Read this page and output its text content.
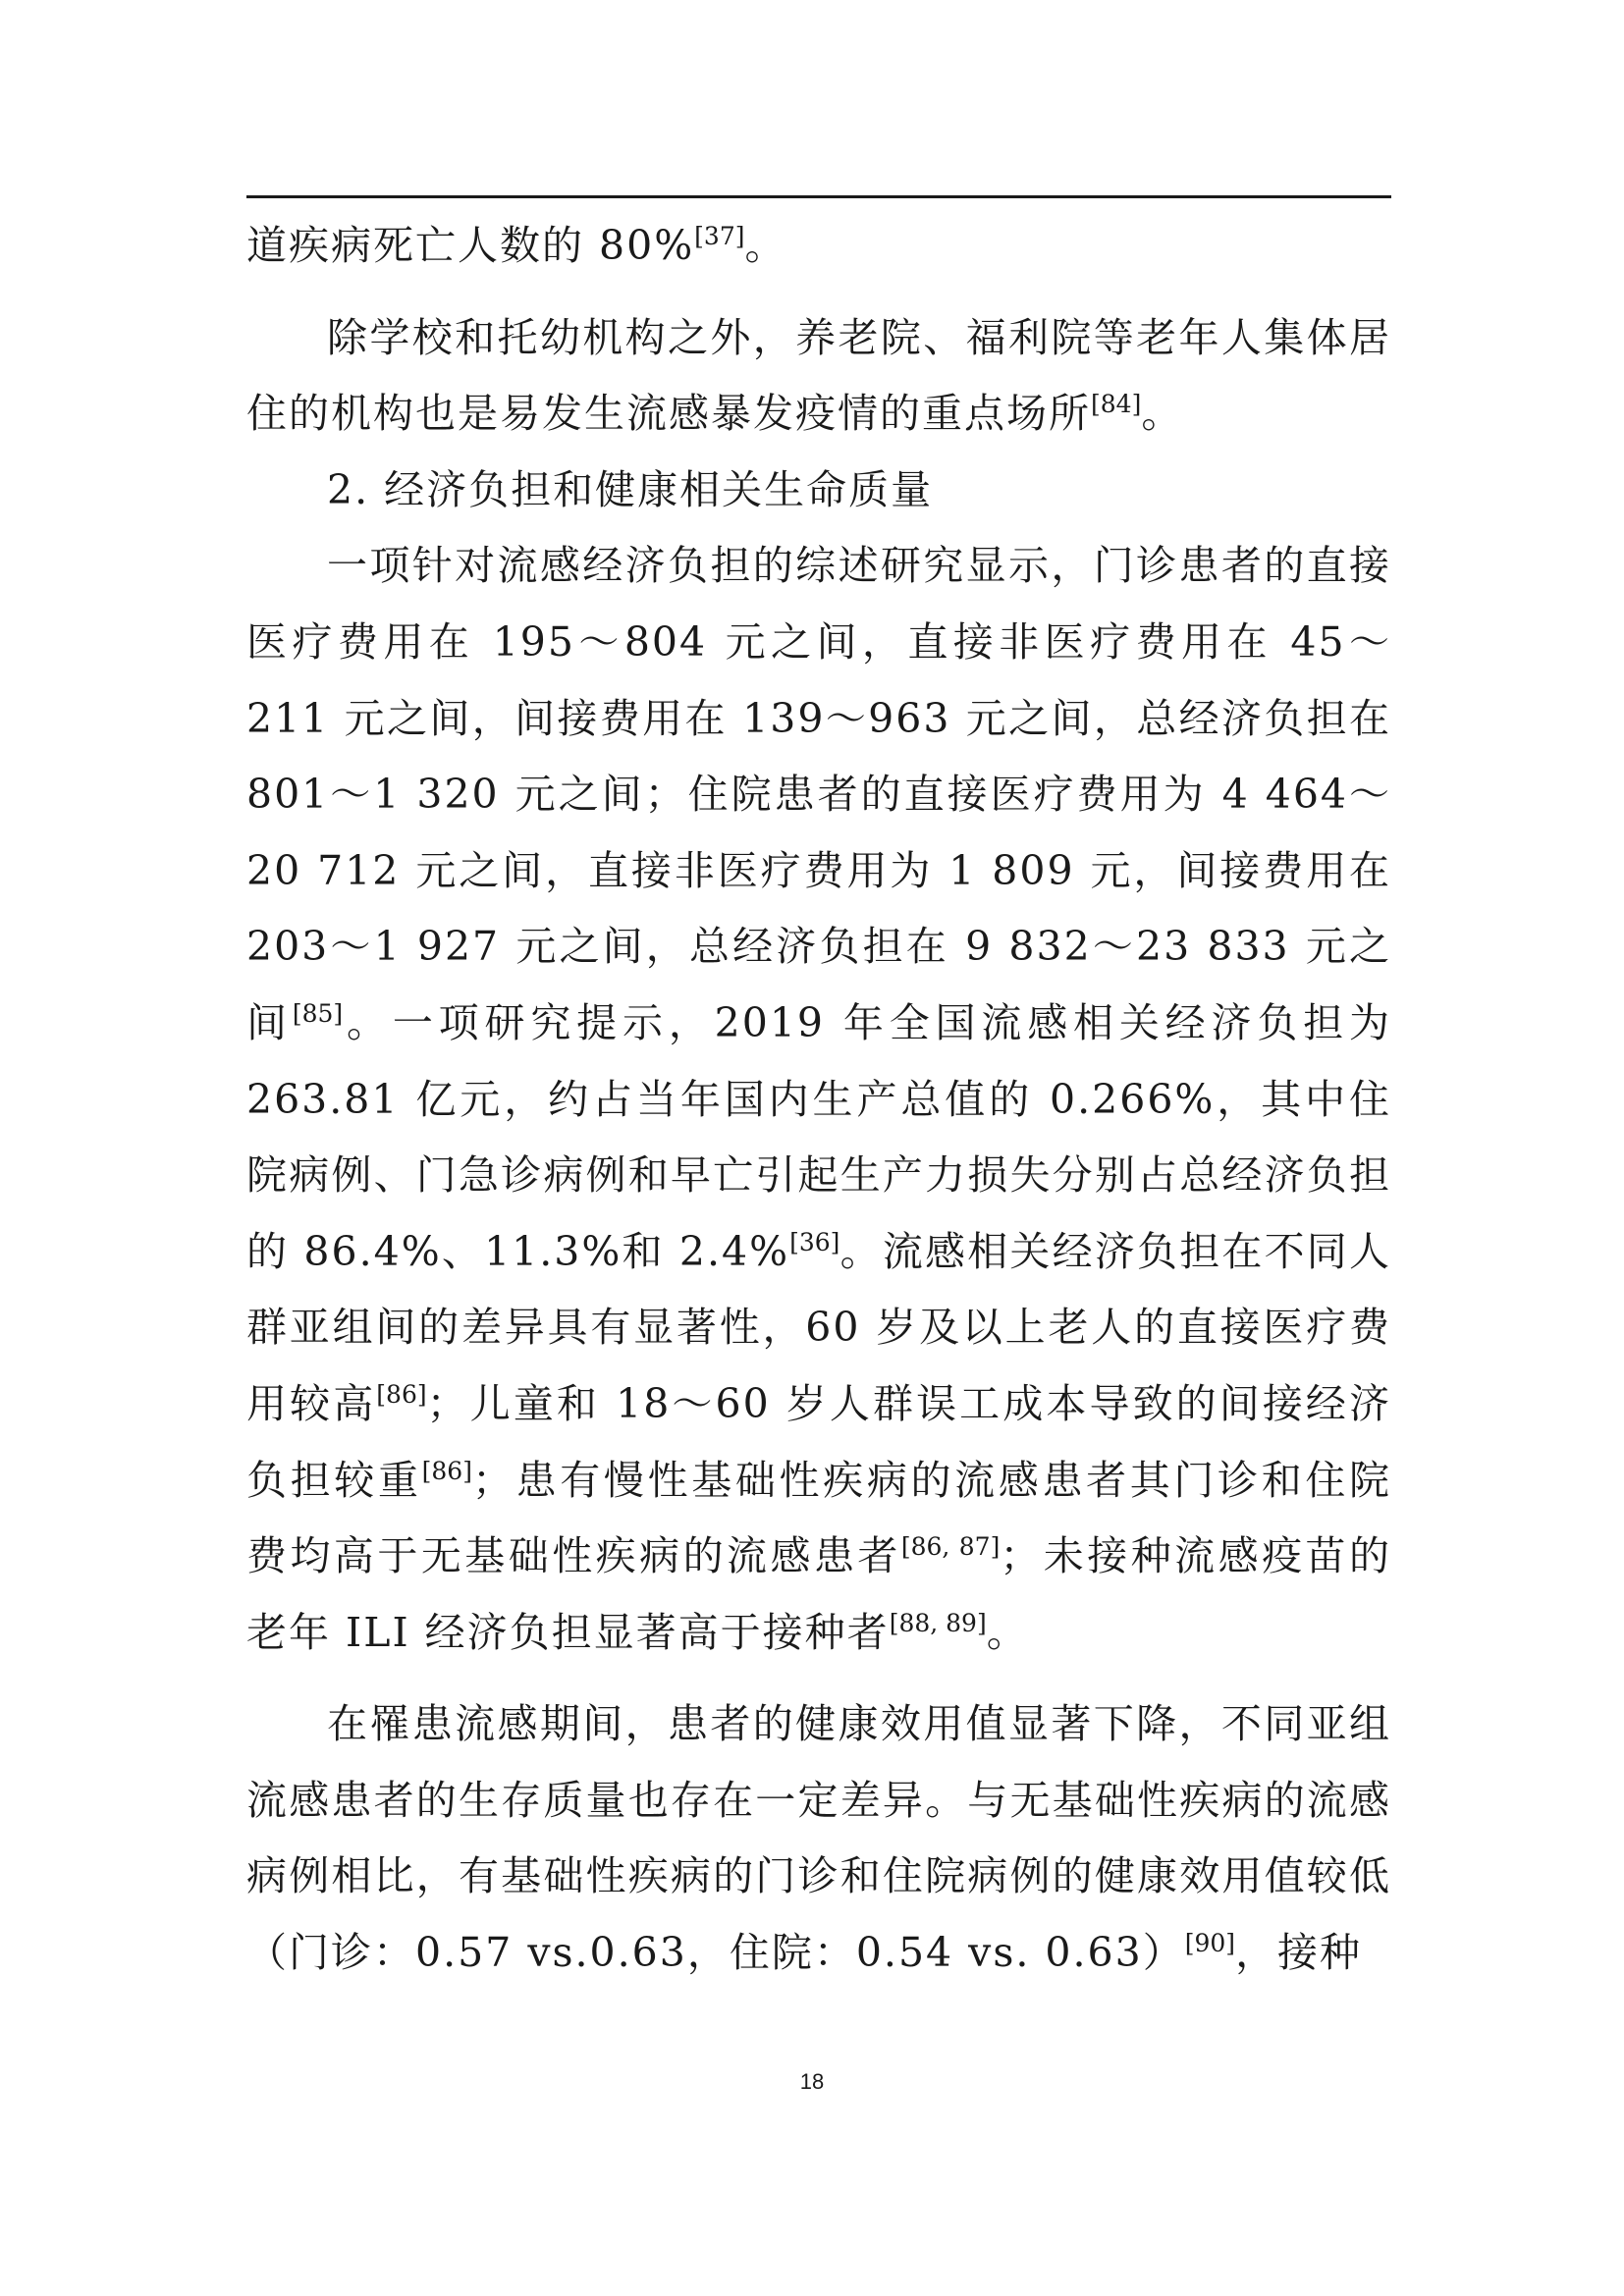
道疾病死亡人数的 80%[37]。

除学校和托幼机构之外，养老院、福利院等老年人集体居住的机构也是易发生流感暴发疫情的重点场所[84]。

2. 经济负担和健康相关生命质量

一项针对流感经济负担的综述研究显示，门诊患者的直接医疗费用在 195～804 元之间，直接非医疗费用在 45～211 元之间，间接费用在 139～963 元之间，总经济负担在 801～1 320 元之间；住院患者的直接医疗费用为 4 464～20 712 元之间，直接非医疗费用为 1 809 元，间接费用在 203～1 927 元之间，总经济负担在 9 832～23 833 元之间[85]。一项研究提示，2019 年全国流感相关经济负担为 263.81 亿元，约占当年国内生产总值的 0.266%，其中住院病例、门急诊病例和早亡引起生产力损失分别占总经济负担的 86.4%、11.3%和 2.4%[36]。流感相关经济负担在不同人群亚组间的差异具有显著性，60 岁及以上老人的直接医疗费用较高[86]；儿童和 18～60 岁人群误工成本导致的间接经济负担较重[86]；患有慢性基础性疾病的流感患者其门诊和住院费均高于无基础性疾病的流感患者[86, 87]；未接种流感疫苗的老年 ILI 经济负担显著高于接种者[88, 89]。

在罹患流感期间，患者的健康效用值显著下降，不同亚组流感患者的生存质量也存在一定差异。与无基础性疾病的流感病例相比，有基础性疾病的门诊和住院病例的健康效用值较低（门诊：0.57 vs.0.63，住院：0.54 vs. 0.63）[90]，接种

18
